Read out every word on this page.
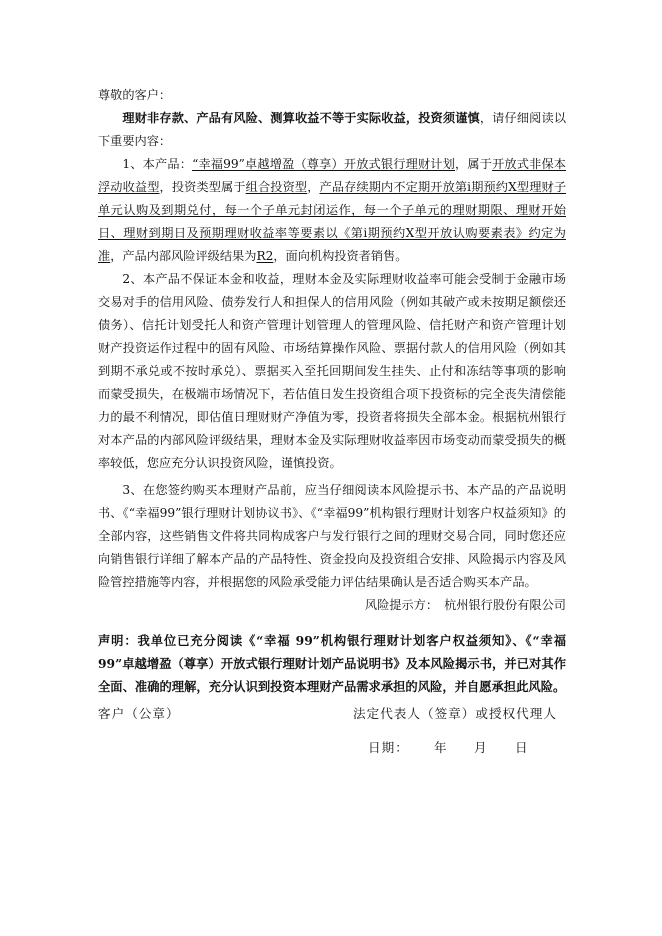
尊敬的客户：
理财非存款、产品有风险、测算收益不等于实际收益，投资须谨慎，请仔细阅读以下重要内容：
1、本产品：“幸福99”卓越增盈（尊享）开放式银行理财计划，属于开放式非保本浮动收益型，投资类型属于组合投资型，产品存续期内不定期开放第i期预约X型理财子单元认购及到期兑付，每一个子单元封闭运作，每一个子单元的理财期限、理财开始日、理财到期日及预期理财收益率等要素以《第i期预约X型开放认购要素表》约定为准，产品内部风险评级结果为R2，面向机构投资者销售。
2、本产品不保证本金和收益，理财本金及实际理财收益率可能会受制于金融市场交易对手的信用风险、债券发行人和担保人的信用风险（例如其破产或未按期足额偿还债务）、信托计划受托人和资产管理计划管理人的管理风险、信托财产和资产管理计划财产投资运作过程中的固有风险、市场结算操作风险、票据付款人的信用风险（例如其到期不承兑或不按时承兑）、票据买入至托回期间发生挂失、止付和冻结等事项的影响而蒙受损失，在极端市场情况下，若估值日发生投资组合项下投资标的完全丧失清偿能力的最不利情况，即估值日理财财产净值为零，投资者将损失全部本金。根据杭州银行对本产品的内部风险评级结果，理财本金及实际理财收益率因市场变动而蒙受损失的概率较低，您应充分认识投资风险，谨慎投资。
3、在您签约购买本理财产品前，应当仔细阅读本风险提示书、本产品的产品说明书、《“幸福99”银行理财计划协议书》、《“幸福99”机构银行理财计划客户权益须知》的全部内容，这些销售文件将共同构成客户与发行银行之间的理财交易合同，同时您还应向销售银行详细了解本产品的产品特性、资金投向及投资组合安排、风险揭示内容及风险管控措施等内容，并根据您的风险承受能力评估结果确认是否适合购买本产品。
风险提示方：　杭州银行股份有限公司
声明：我单位已充分阅读《“幸福 99”机构银行理财计划客户权益须知》、《“幸福 99”卓越增盈（尊享）开放式银行理财计划产品说明书》及本风险揭示书，并已对其作全面、准确的理解，充分认识到投资本理财产品需求承担的风险，并自愿承担此风险。
客户（公章）	法定代表人（签章）或授权代理人
日期： 年 月 日
